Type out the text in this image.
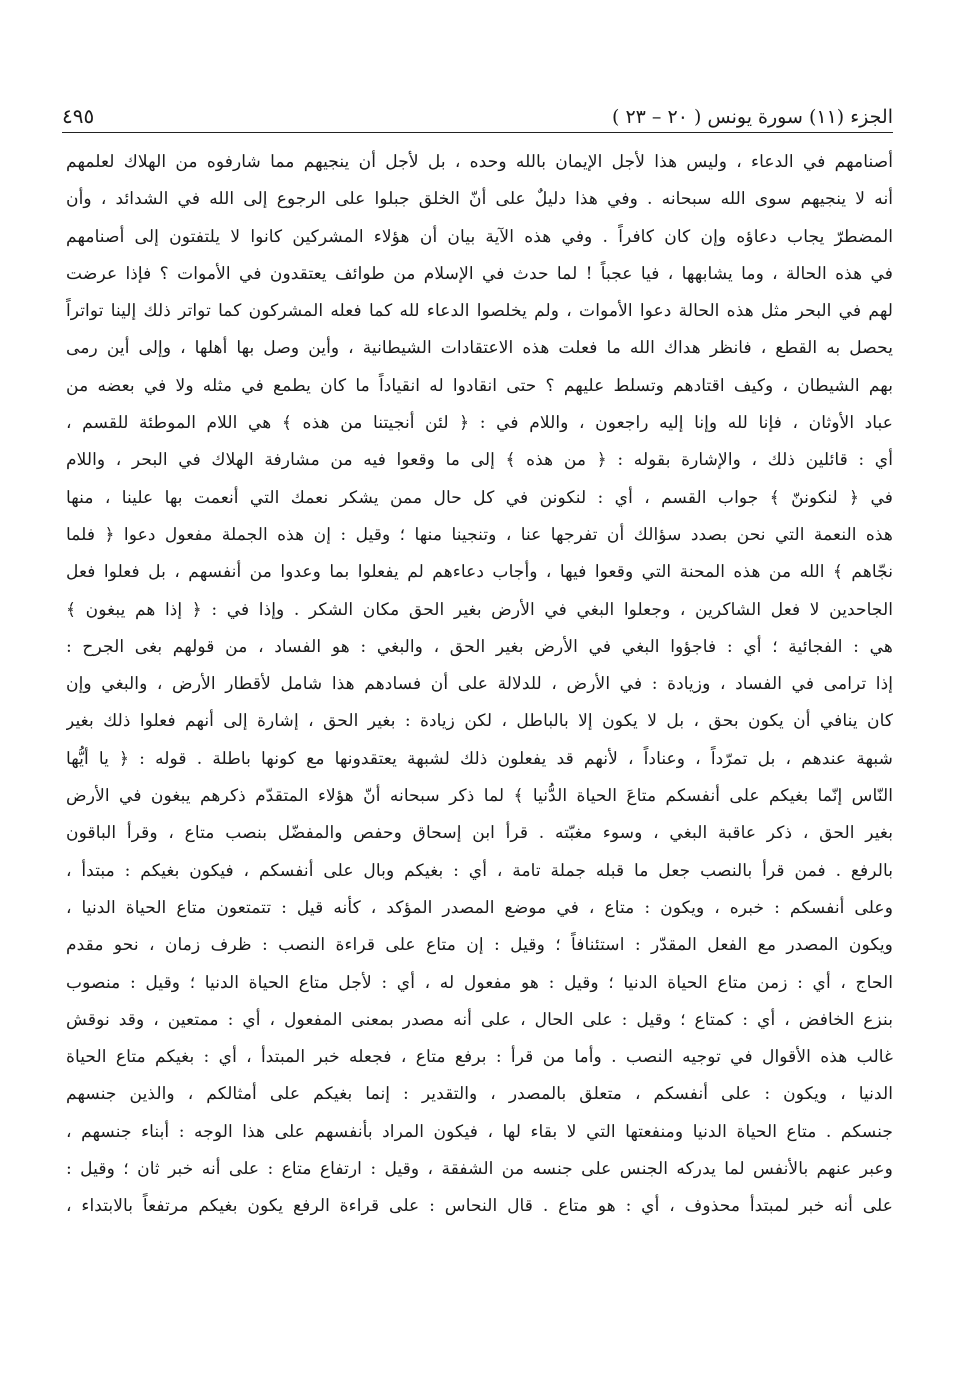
الجزء (١١) سورة يونس ( ٢٠ – ٢٣ )
٤٩٥
أصنامهم في الدعاء ، وليس هذا لأجل الإيمان بالله وحده ، بل لأجل أن ينجيهم مما شارفوه من الهلاك لعلمهم
أنه لا ينجيهم سوى الله سبحانه . وفي هذا دليلٌ على أنّ الخلق جبلوا على الرجوع إلى الله في الشدائد ، وأن
المضطرّ يجاب دعاؤه وإن كان كافراً . وفي هذه الآية بيان أن هؤلاء المشركين كانوا لا يلتفتون إلى أصنامهم
في هذه الحالة ، وما يشابهها ، فيا عجباً ! لما حدث في الإسلام من طوائف يعتقدون في الأموات ؟ فإذا عرضت
لهم في البحر مثل هذه الحالة دعوا الأموات ، ولم يخلصوا الدعاء لله كما فعله المشركون كما تواتر ذلك إلينا تواتراً
يحصل به القطع ، فانظر هداك الله ما فعلت هذه الاعتقادات الشيطانية ، وأين وصل بها أهلها ، وإلى أين رمى
بهم الشيطان ، وكيف اقتادهم وتسلط عليهم ؟ حتى انقادوا له انقياداً ما كان يطمع في مثله ولا في بعضه من
عباد الأوثان ، فإنا لله وإنا إليه راجعون ، واللام في : ﴿ لئن أنجيتنا من هذه ﴾ هي اللام الموطئة للقسم ،
أي : قائلين ذلك ، والإشارة بقوله : ﴿ من هذه ﴾ إلى ما وقعوا فيه من مشارفة الهلاك في البحر ، واللام
في ﴿ لنكوننّ ﴾ جواب القسم ، أي : لنكونن في كل حال ممن يشكر نعمك التي أنعمت بها علينا ، منها
هذه النعمة التي نحن بصدد سؤالك أن تفرجها عنا ، وتنجينا منها ؛ وقيل : إن هذه الجملة مفعول دعوا ﴿ فلما
نجّاهم ﴾ الله من هذه المحنة التي وقعوا فيها ، وأجاب دعاءهم لم يفعلوا بما وعدوا من أنفسهم ، بل فعلوا فعل
الجاحدين لا فعل الشاكرين ، وجعلوا البغي في الأرض بغير الحق مكان الشكر . وإذا في : ﴿ إذا هم يبغون ﴾
هي : الفجائية ؛ أي : فاجؤوا البغي في الأرض بغير الحق ، والبغي : هو الفساد ، من قولهم بغى الجرح :
إذا ترامى في الفساد ، وزيادة : في الأرض ، للدلالة على أن فسادهم هذا شامل لأقطار الأرض ، والبغي وإن
كان ينافي أن يكون بحق ، بل لا يكون إلا بالباطل ، لكن زيادة : بغير الحق ، إشارة إلى أنهم فعلوا ذلك بغير
شبهة عندهم ، بل تمرّداً ، وعناداً ، لأنهم قد يفعلون ذلك لشبهة يعتقدونها مع كونها باطلة . قوله : ﴿ يا أيُّها
النّاس إنّما بغيكم على أنفسكم متاعَ الحياة الدُّنيا ﴾ لما ذكر سبحانه أنّ هؤلاء المتقدّم ذكرهم يبغون في الأرض
بغير الحق ، ذكر عاقبة البغي ، وسوء مغبّته . قرأ ابن إسحاق وحفص والمفضّل بنصب متاع ، وقرأ الباقون
بالرفع . فمن قرأ بالنصب جعل ما قبله جملة تامة ، أي : بغيكم وبال على أنفسكم ، فيكون بغيكم : مبتدأ ،
وعلى أنفسكم : خبره ، ويكون : متاع ، في موضع المصدر المؤكد ، كأنه قيل : تتمتعون متاع الحياة الدنيا ،
ويكون المصدر مع الفعل المقدّر : استئنافاً ؛ وقيل : إن متاع على قراءة النصب : ظرف زمان ، نحو مقدم
الحاج ، أي : زمن متاع الحياة الدنيا ؛ وقيل : هو مفعول له ، أي : لأجل متاع الحياة الدنيا ؛ وقيل : منصوب
بنزع الخافض ، أي : كمتاع ؛ وقيل : على الحال ، على أنه مصدر بمعنى المفعول ، أي : ممتعين ، وقد نوقش
غالب هذه الأقوال في توجيه النصب . وأما من قرأ : برفع متاع ، فجعله خبر المبتدأ ، أي : بغيكم متاع الحياة
الدنيا ، ويكون : على أنفسكم ، متعلق بالمصدر ، والتقدير : إنما بغيكم على أمثالكم ، والذين جنسهم
جنسكم . متاع الحياة الدنيا ومنفعتها التي لا بقاء لها ، فيكون المراد بأنفسهم على هذا الوجه : أبناء جنسهم ،
وعبر عنهم بالأنفس لما يدركه الجنس على جنسه من الشفقة ، وقيل : ارتفاع متاع : على أنه خبر ثان ؛ وقيل :
على أنه خبر لمبتدأ محذوف ، أي : هو متاع . قال النحاس : على قراءة الرفع يكون بغيكم مرتفعاً بالابتداء ،
